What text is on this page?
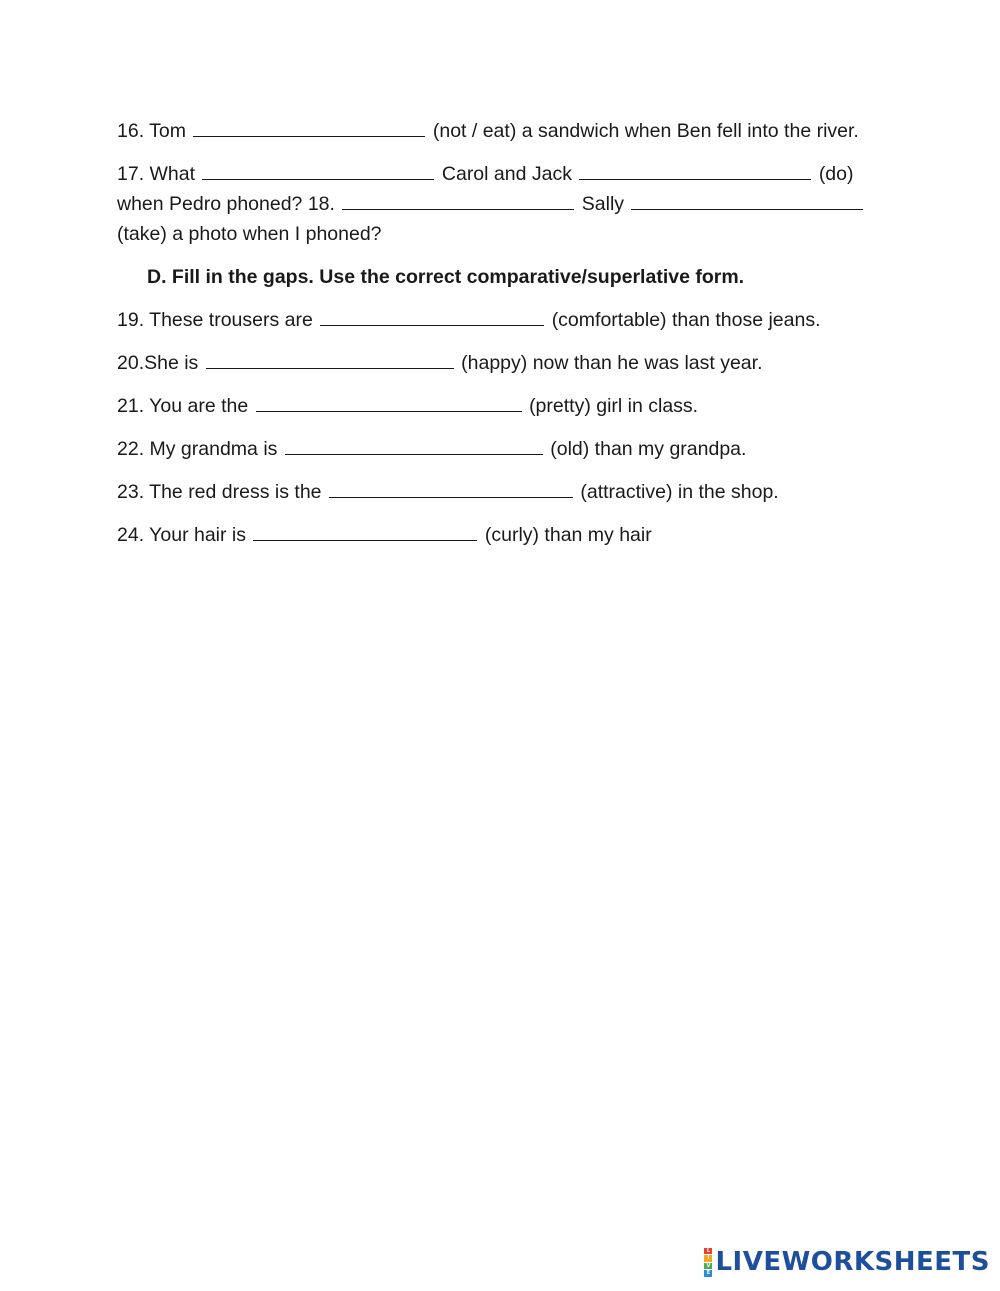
16. Tom	(not / eat) a sandwich when Ben fell into the river.

17. What	Carol and Jack	(do) when Pedro phoned? 18.	Sally  (take) a photo when I phoned?

D. Fill in the gaps. Use the correct comparative/superlative form.

19. These trousers are	(comfortable) than those jeans.

20.She is	(happy) now than he was last year.

21. You are the	(pretty) girl in class.

22. My grandma is	(old) than my grandpa.

23. The red dress is the	(attractive) in the shop.

24. Your hair is	(curly) than my hair

L
I
V
E LIVEWORKSHEETS
